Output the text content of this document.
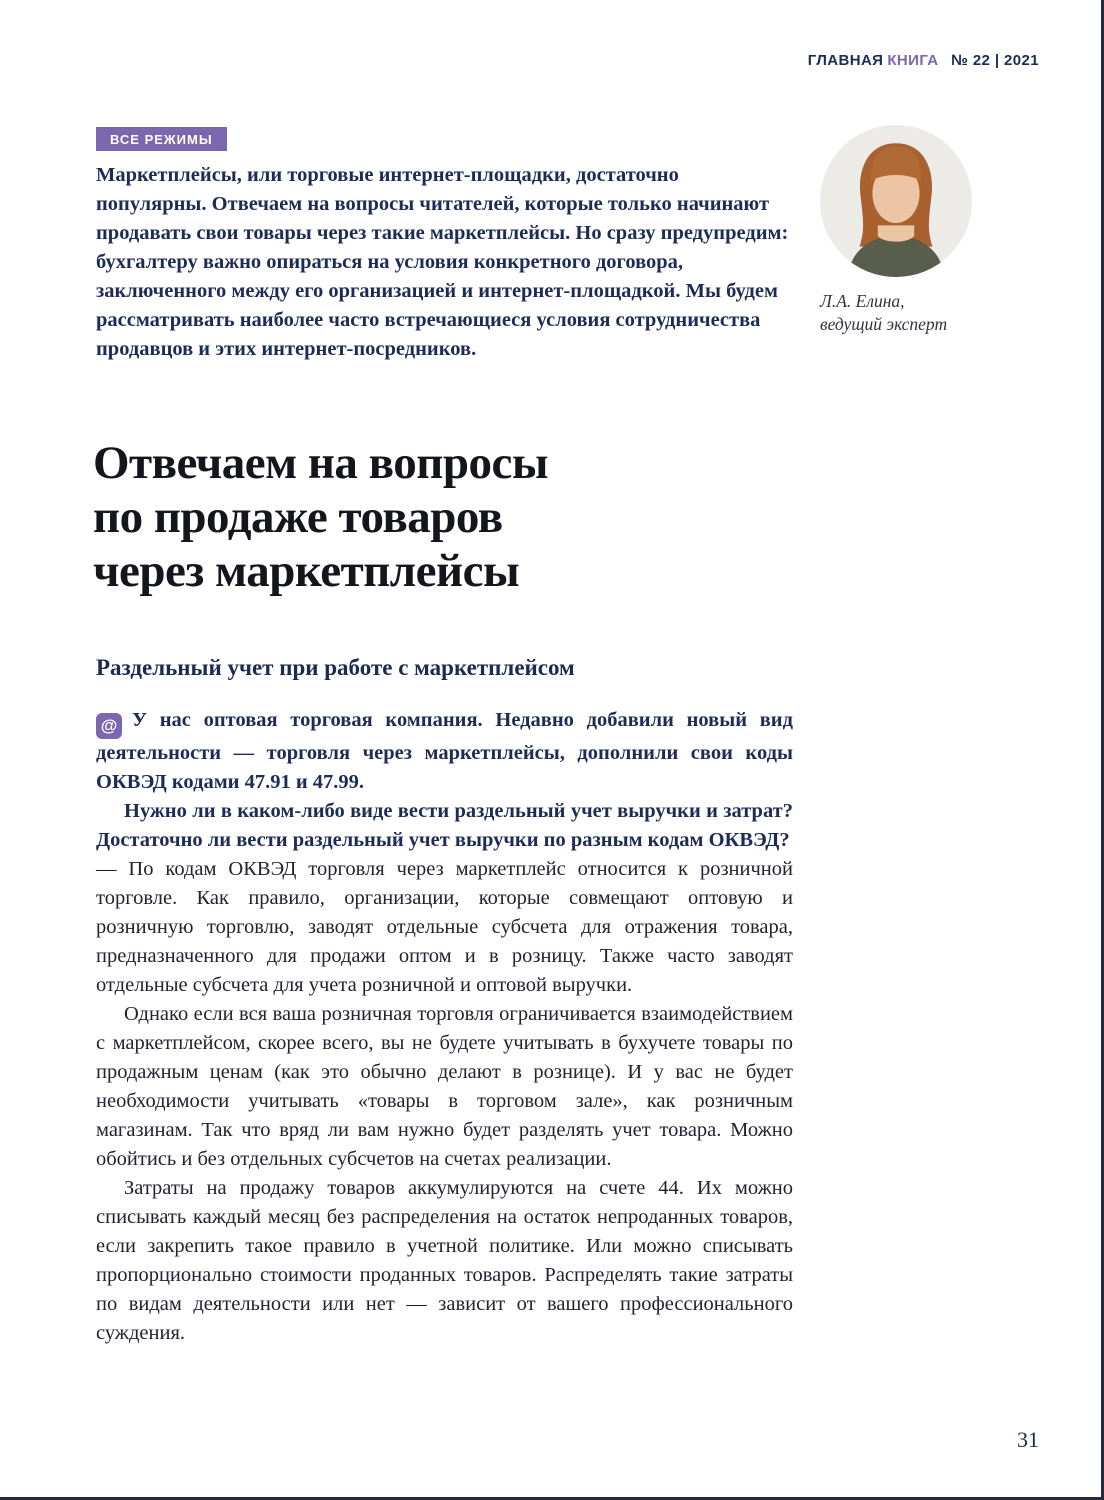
ГЛАВНАЯ КНИГА № 22 | 2021
ВСЕ РЕЖИМЫ

Маркетплейсы, или торговые интернет-площадки, достаточно популярны. Отвечаем на вопросы читателей, которые только начинают продавать свои товары через такие маркетплейсы. Но сразу предупредим: бухгалтеру важно опираться на условия конкретного договора, заключенного между его организацией и интернет-площадкой. Мы будем рассматривать наиболее часто встречающиеся условия сотрудничества продавцов и этих интернет-посредников.

Л.А. Елина,
ведущий эксперт
Отвечаем на вопросы
по продаже товаров
через маркетплейсы
Раздельный учет при работе с маркетплейсом

@ У нас оптовая торговая компания. Недавно добавили новый вид деятельности — торговля через маркетплейсы, дополнили свои коды ОКВЭД кодами 47.91 и 47.99.

Нужно ли в каком-либо виде вести раздельный учет выручки и затрат? Достаточно ли вести раздельный учет выручки по разным кодам ОКВЭД?

— По кодам ОКВЭД торговля через маркетплейс относится к розничной торговле. Как правило, организации, которые совмещают оптовую и розничную торговлю, заводят отдельные субсчета для отражения товара, предназначенного для продажи оптом и в розницу. Также часто заводят отдельные субсчета для учета розничной и оптовой выручки.

Однако если вся ваша розничная торговля ограничивается взаимодействием с маркетплейсом, скорее всего, вы не будете учитывать в бухучете товары по продажным ценам (как это обычно делают в рознице). И у вас не будет необходимости учитывать «товары в торговом зале», как розничным магазинам. Так что вряд ли вам нужно будет разделять учет товара. Можно обойтись и без отдельных субсчетов на счетах реализации.

Затраты на продажу товаров аккумулируются на счете 44. Их можно списывать каждый месяц без распределения на остаток непроданных товаров, если закрепить такое правило в учетной политике. Или можно списывать пропорционально стоимости проданных товаров. Распределять такие затраты по видам деятельности или нет — зависит от вашего профессионального суждения.

31
